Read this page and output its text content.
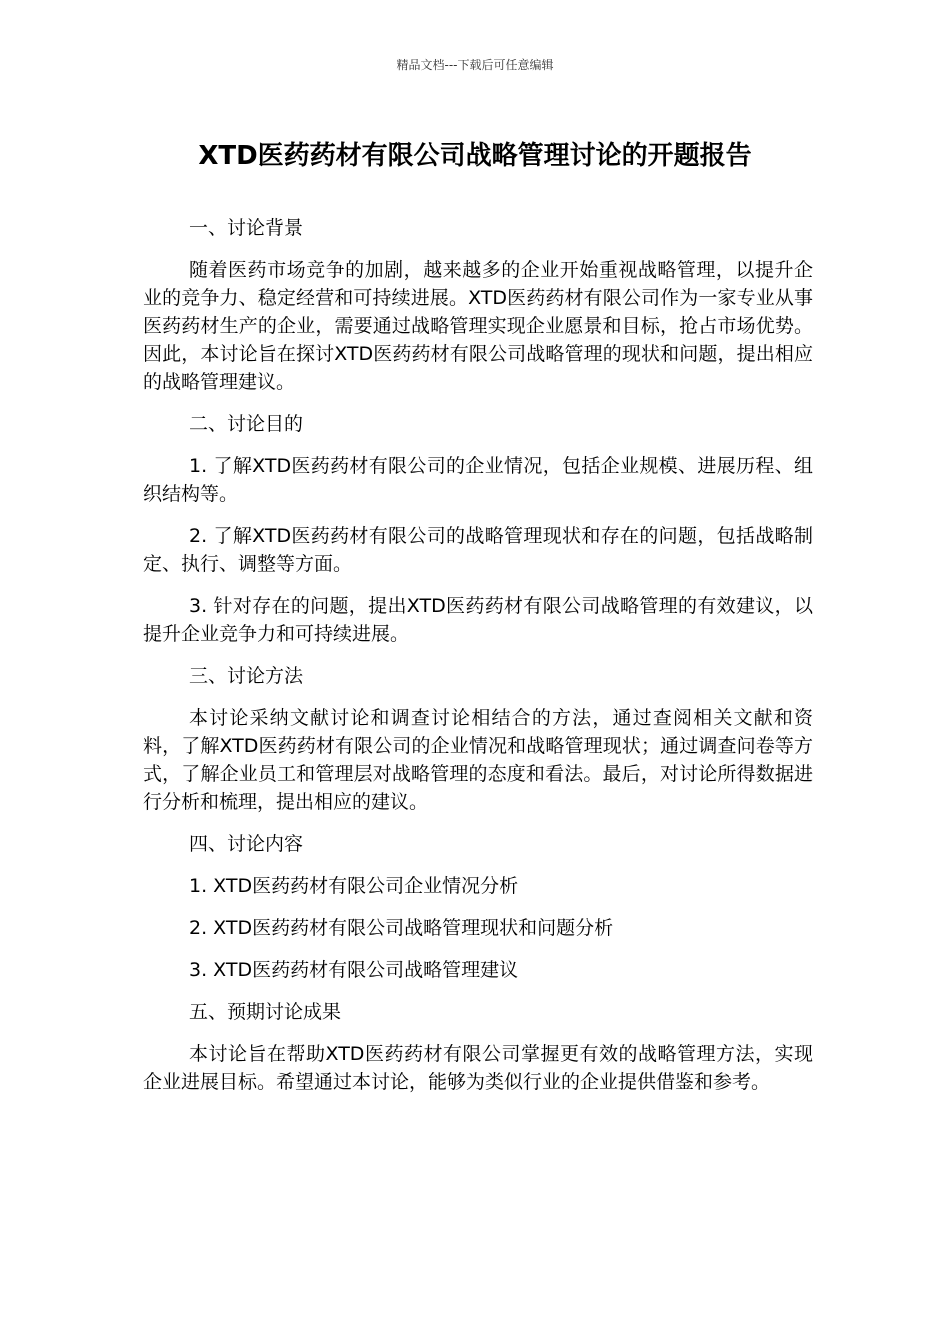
精品文档---下载后可任意编辑
XTD医药药材有限公司战略管理讨论的开题报告

一、讨论背景

随着医药市场竞争的加剧，越来越多的企业开始重视战略管理，以提升企业的竞争力、稳定经营和可持续进展。XTD医药药材有限公司作为一家专业从事医药药材生产的企业，需要通过战略管理实现企业愿景和目标，抢占市场优势。因此，本讨论旨在探讨XTD医药药材有限公司战略管理的现状和问题，提出相应的战略管理建议。

二、讨论目的

1. 了解XTD医药药材有限公司的企业情况，包括企业规模、进展历程、组织结构等。

2. 了解XTD医药药材有限公司的战略管理现状和存在的问题，包括战略制定、执行、调整等方面。

3. 针对存在的问题，提出XTD医药药材有限公司战略管理的有效建议，以提升企业竞争力和可持续进展。

三、讨论方法

本讨论采纳文献讨论和调查讨论相结合的方法，通过查阅相关文献和资料，了解XTD医药药材有限公司的企业情况和战略管理现状；通过调查问卷等方式，了解企业员工和管理层对战略管理的态度和看法。最后，对讨论所得数据进行分析和梳理，提出相应的建议。

四、讨论内容

1. XTD医药药材有限公司企业情况分析

2. XTD医药药材有限公司战略管理现状和问题分析

3. XTD医药药材有限公司战略管理建议

五、预期讨论成果

本讨论旨在帮助XTD医药药材有限公司掌握更有效的战略管理方法，实现企业进展目标。希望通过本讨论，能够为类似行业的企业提供借鉴和参考。
